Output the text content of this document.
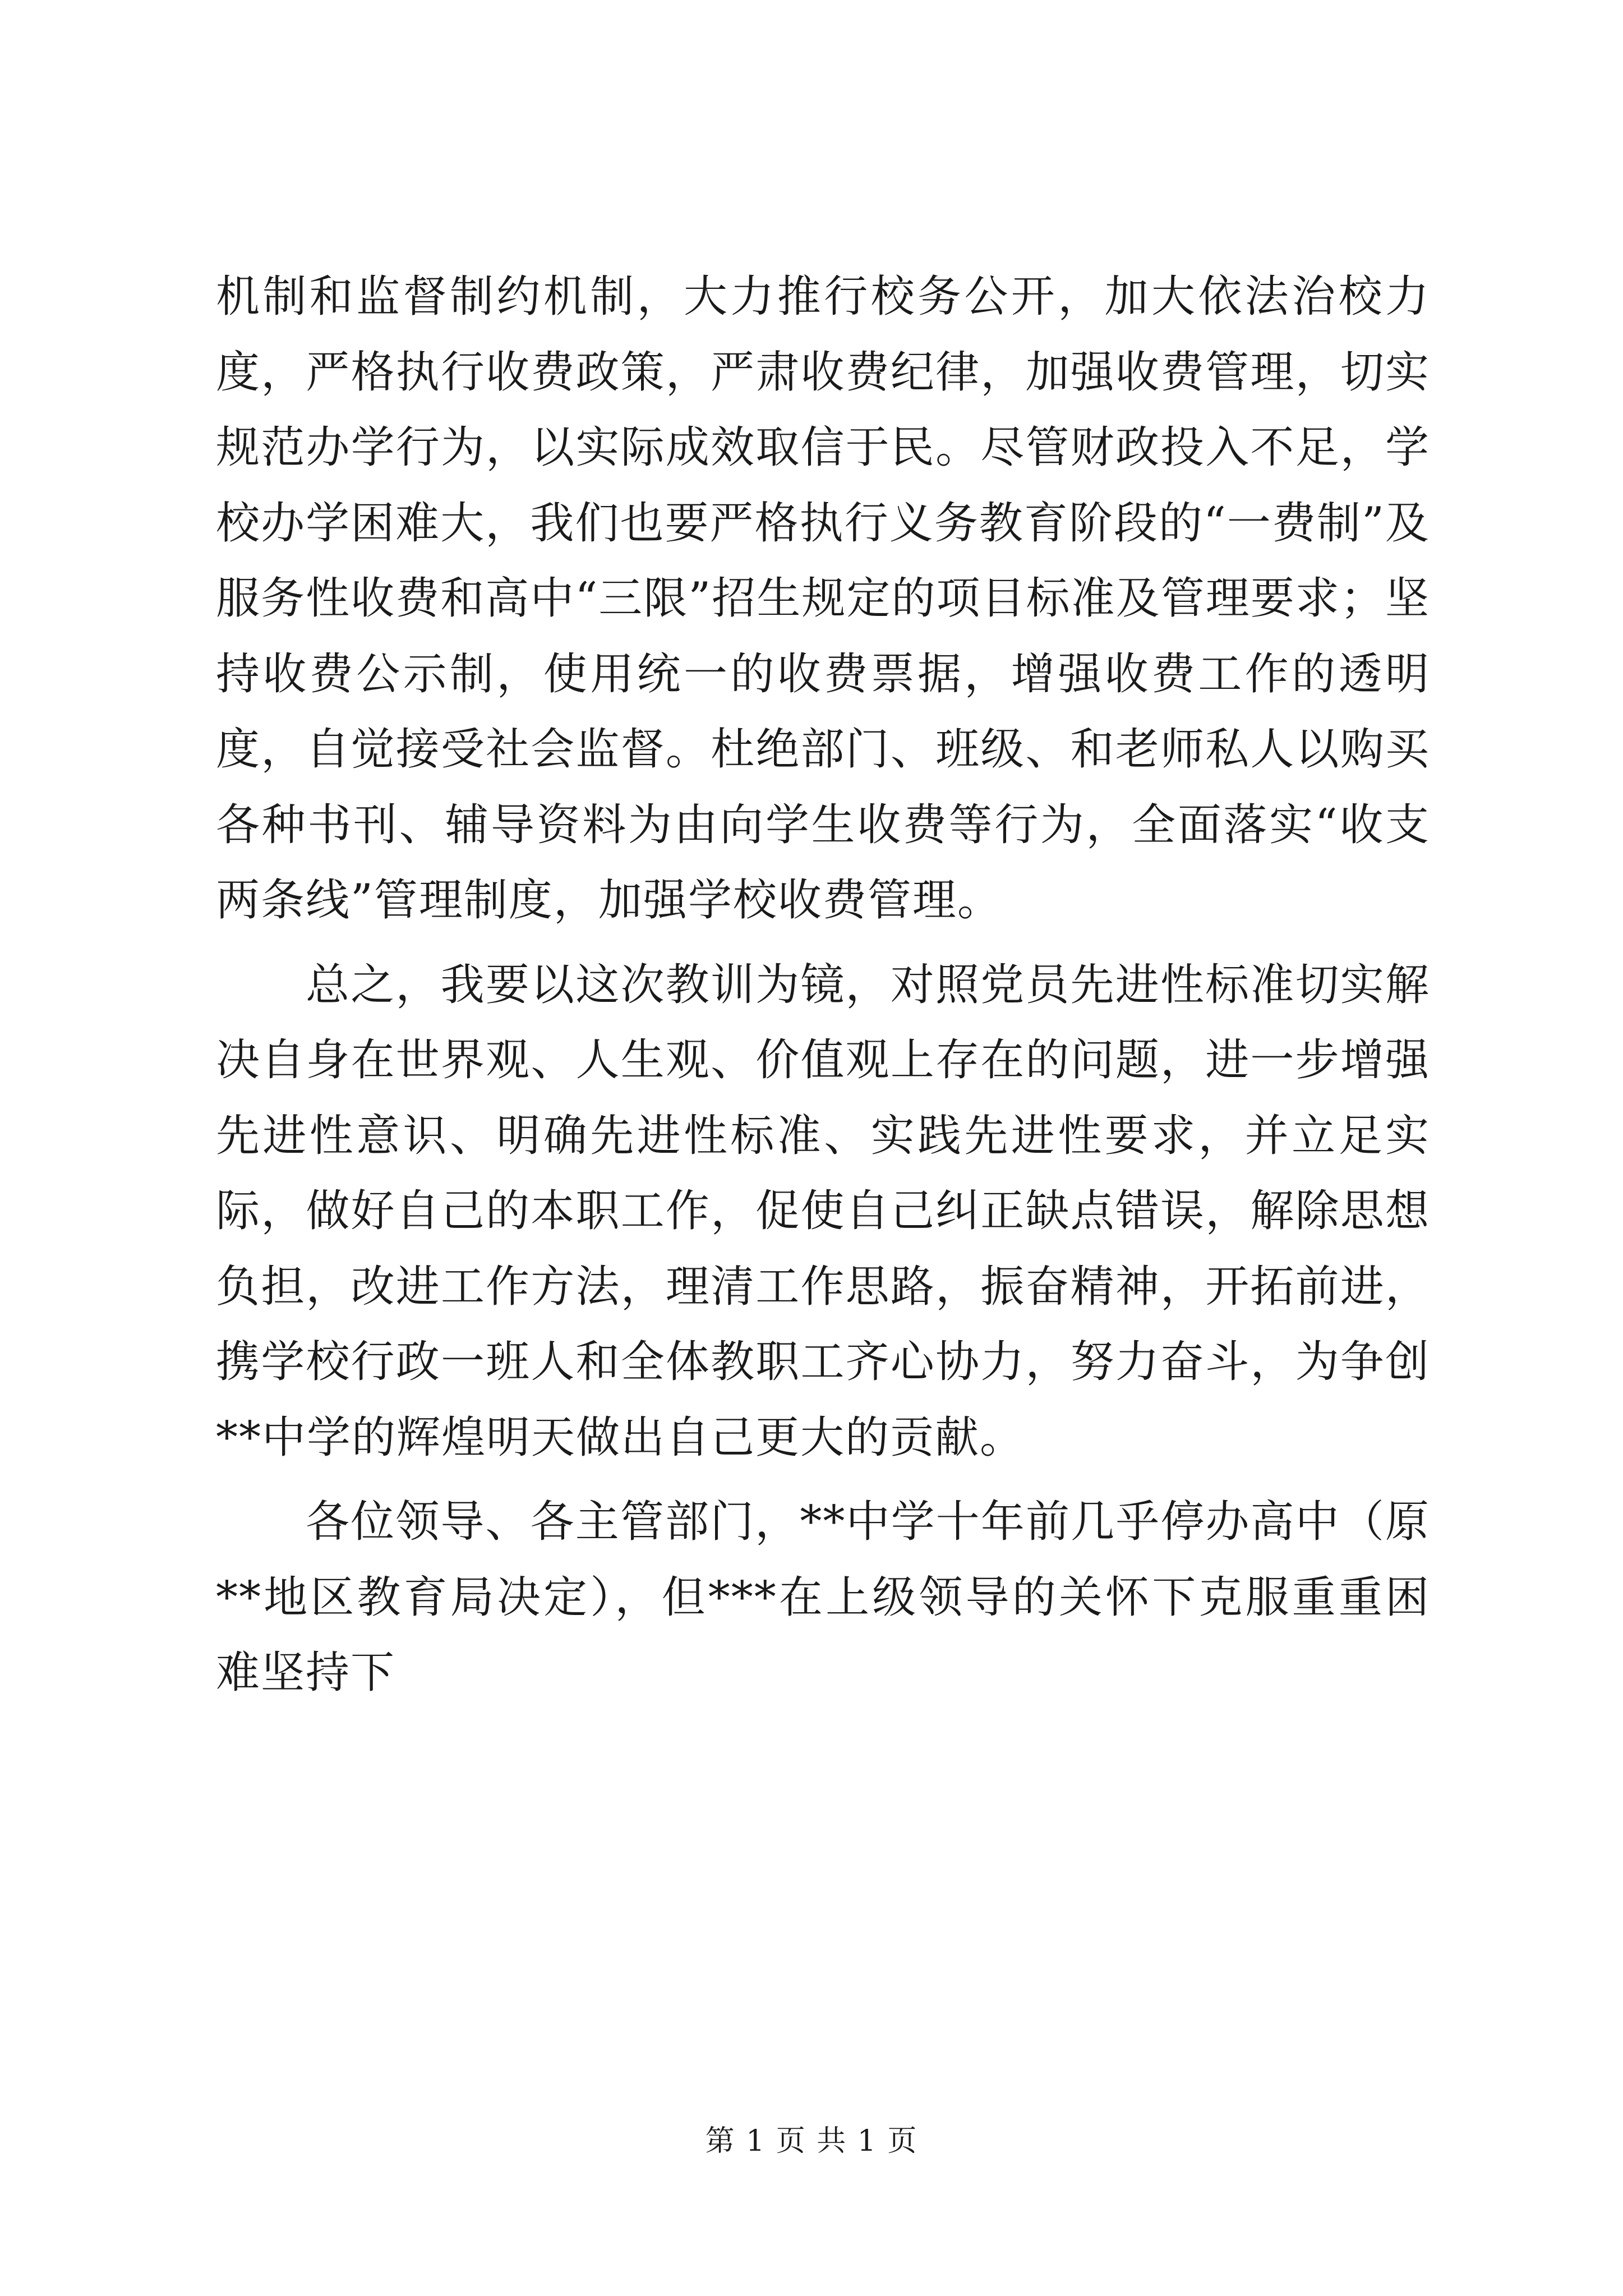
机制和监督制约机制，大力推行校务公开，加大依法治校力度，严格执行收费政策，严肃收费纪律，加强收费管理，切实规范办学行为，以实际成效取信于民。尽管财政投入不足，学校办学困难大，我们也要严格执行义务教育阶段的“一费制”及服务性收费和高中“三限”招生规定的项目标准及管理要求；坚持收费公示制，使用统一的收费票据，增强收费工作的透明度，自觉接受社会监督。杜绝部门、班级、和老师私人以购买各种书刊、辅导资料为由向学生收费等行为，全面落实“收支两条线”管理制度，加强学校收费管理。

总之，我要以这次教训为镜，对照党员先进性标准切实解决自身在世界观、人生观、价值观上存在的问题，进一步增强先进性意识、明确先进性标准、实践先进性要求，并立足实际，做好自己的本职工作，促使自己纠正缺点错误，解除思想负担，改进工作方法，理清工作思路，振奋精神，开拓前进，携学校行政一班人和全体教职工齐心协力，努力奋斗，为争创**中学的辉煌明天做出自己更大的贡献。

各位领导、各主管部门，**中学十年前几乎停办高中（原**地区教育局决定），但***在上级领导的关怀下克服重重困难坚持下

第 1 页 共 1 页
